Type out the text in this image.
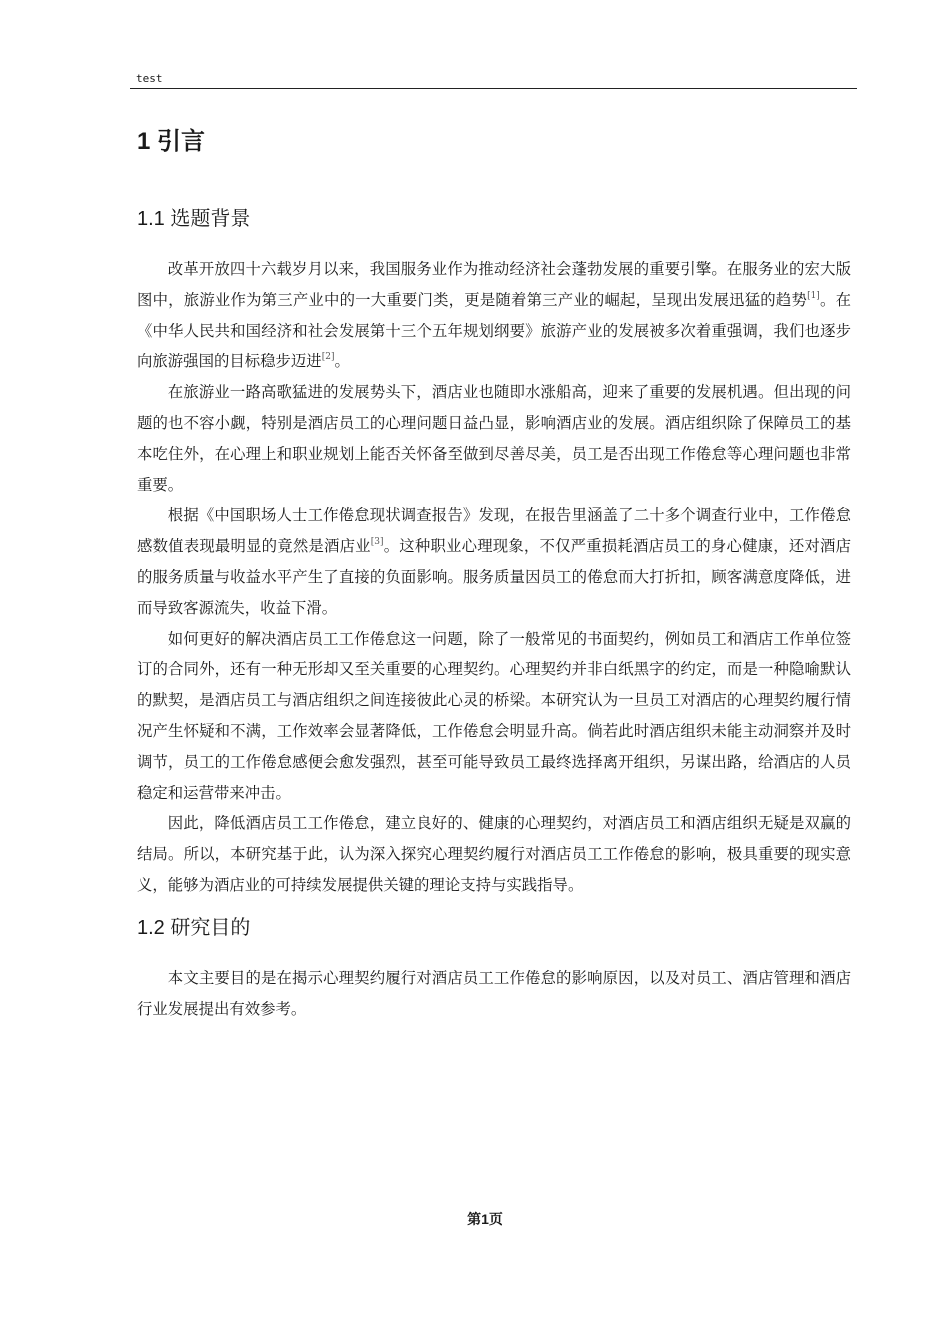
test
1 引言
1.1 选题背景

改革开放四十六载岁月以来，我国服务业作为推动经济社会蓬勃发展的重要引擎。在服务业的宏大版图中，旅游业作为第三产业中的一大重要门类，更是随着第三产业的崛起，呈现出发展迅猛的趋势[1]。在《中华人民共和国经济和社会发展第十三个五年规划纲要》旅游产业的发展被多次着重强调，我们也逐步向旅游强国的目标稳步迈进[2]。

在旅游业一路高歌猛进的发展势头下，酒店业也随即水涨船高，迎来了重要的发展机遇。但出现的问题的也不容小觑，特别是酒店员工的心理问题日益凸显，影响酒店业的发展。酒店组织除了保障员工的基本吃住外，在心理上和职业规划上能否关怀备至做到尽善尽美，员工是否出现工作倦怠等心理问题也非常重要。

根据《中国职场人士工作倦怠现状调查报告》发现，在报告里涵盖了二十多个调查行业中，工作倦怠感数值表现最明显的竟然是酒店业[3]。这种职业心理现象，不仅严重损耗酒店员工的身心健康，还对酒店的服务质量与收益水平产生了直接的负面影响。服务质量因员工的倦怠而大打折扣，顾客满意度降低，进而导致客源流失，收益下滑。

如何更好的解决酒店员工工作倦怠这一问题，除了一般常见的书面契约，例如员工和酒店工作单位签订的合同外，还有一种无形却又至关重要的心理契约。心理契约并非白纸黑字的约定，而是一种隐喻默认的默契，是酒店员工与酒店组织之间连接彼此心灵的桥梁。本研究认为一旦员工对酒店的心理契约履行情况产生怀疑和不满，工作效率会显著降低，工作倦怠会明显升高。倘若此时酒店组织未能主动洞察并及时调节，员工的工作倦怠感便会愈发强烈，甚至可能导致员工最终选择离开组织，另谋出路，给酒店的人员稳定和运营带来冲击。

因此，降低酒店员工工作倦怠，建立良好的、健康的心理契约，对酒店员工和酒店组织无疑是双赢的结局。所以，本研究基于此，认为深入探究心理契约履行对酒店员工工作倦怠的影响，极具重要的现实意义，能够为酒店业的可持续发展提供关键的理论支持与实践指导。

1.2 研究目的

本文主要目的是在揭示心理契约履行对酒店员工工作倦怠的影响原因，以及对员工、酒店管理和酒店行业发展提出有效参考。

第1页
